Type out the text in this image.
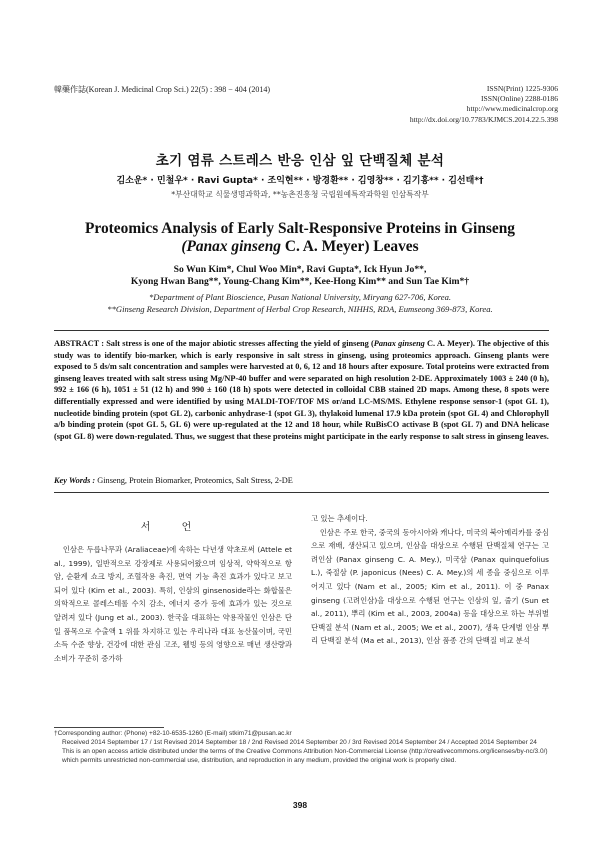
韓藥作誌(Korean J. Medicinal Crop Sci.) 22(5) : 398 − 404 (2014)	ISSN(Print) 1225-9306
ISSN(Online) 2288-0186
http://www.medicinalcrop.org
http://dx.doi.org/10.7783/KJMCS.2014.22.5.398
초기 염류 스트레스 반응 인삼 잎 단백질체 분석
김소운* · 민철우* · Ravi Gupta* · 조익현** · 방경환** · 김영창** · 김기홍** · 김선태*†
*부산대학교 식물생명과학과, **농촌진흥청 국립원예특작과학원 인삼특작부
Proteomics Analysis of Early Salt-Responsive Proteins in Ginseng
(Panax ginseng C. A. Meyer) Leaves
So Wun Kim*, Chul Woo Min*, Ravi Gupta*, Ick Hyun Jo**,
Kyong Hwan Bang**, Young-Chang Kim**, Kee-Hong Kim** and Sun Tae Kim*†
*Department of Plant Bioscience, Pusan National University, Miryang 627-706, Korea.
**Ginseng Research Division, Department of Herbal Crop Research, NIHHS, RDA, Eumseong 369-873, Korea.
ABSTRACT : Salt stress is one of the major abiotic stresses affecting the yield of ginseng (Panax ginseng C. A. Meyer). The objective of this study was to identify bio-marker, which is early responsive in salt stress in ginseng, using proteomics approach. Ginseng plants were exposed to 5 ds/m salt concentration and samples were harvested at 0, 6, 12 and 18 hours after exposure. Total proteins were extracted from ginseng leaves treated with salt stress using Mg/NP-40 buffer and were separated on high resolution 2-DE. Approximately 1003 ± 240 (0 h), 992 ± 166 (6 h), 1051 ± 51 (12 h) and 990 ± 160 (18 h) spots were detected in colloidal CBB stained 2D maps. Among these, 8 spots were differentially expressed and were identified by using MALDI-TOF/TOF MS or/and LC-MS/MS. Ethylene response sensor-1 (spot GL 1), nucleotide binding protein (spot GL 2), carbonic anhydrase-1 (spot GL 3), thylakoid lumenal 17.9 kDa protein (spot GL 4) and Chlorophyll a/b binding protein (spot GL 5, GL 6) were up-regulated at the 12 and 18 hour, while RuBisCO activase B (spot GL 7) and DNA helicase (spot GL 8) were down-regulated. Thus, we suggest that these proteins might participate in the early response to salt stress in ginseng leaves.
Key Words : Ginseng, Protein Biomarker, Proteomics, Salt Stress, 2-DE
서 언

인삼은 두릅나무과 (Araliaceae)에 속하는 다년생 약초로써 (Attele et al., 1999), 일반적으로 강장제로 사용되어왔으며 임상적, 약학적으로 항암, 순환계 쇼크 방지, 조혈작용 촉진, 면역 기능 촉진 효과가 있다고 보고되어 있다 (Kim et al., 2003). 특히, 인삼의 ginsenoside라는 화합물은 의학적으로 콜레스테롤 수치 감소, 에너지 증가 등에 효과가 있는 것으로 알려져 있다 (Jung et al., 2003). 한국을 대표하는 약용작물인 인삼은 단일 품목으로 수출액 1 위를 차지하고 있는 우리나라 대표 농산물이며, 국민 소득 수준 향상, 건강에 대한 관심 고조, 웰빙 등의 영향으로 매년 생산량과 소비가 꾸준히 증가하

고 있는 추세이다.

인삼은 주로 한국, 중국의 동아시아와 캐나다, 미국의 북아메리카를 중심으로 재배, 생산되고 있으며, 인삼을 대상으로 수행된 단백질체 연구는 고려인삼 (Panax ginseng C. A. Mey.), 미국삼 (Panax quinquefolius L.), 죽절삼 (P. japonicus (Nees) C. A. Mey.)의 세 종을 중심으로 이루어지고 있다 (Nam et al., 2005; Kim et al., 2011). 이 중 Panax ginseng (고려인삼)을 대상으로 수행된 연구는 인삼의 잎, 줄기 (Sun et al., 2011), 뿌리 (Kim et al., 2003, 2004a) 등을 대상으로 하는 부위별 단백질 분석 (Nam et al., 2005; We et al., 2007), 생육 단계별 인삼 뿌리 단백질 분석 (Ma et al., 2013), 인삼 품종 간의 단백질 비교 분석

†Corresponding author: (Phone) +82-10-6535-1260 (E-mail) stkim71@pusan.ac.kr
Received 2014 September 17 / 1st Revised 2014 September 18 / 2nd Revised 2014 September 20 / 3rd Revised 2014 September 24 / Accepted 2014 September 24
This is an open access article distributed under the terms of the Creative Commons Attribution Non-Commercial License (http://creativecommons.org/licenses/by-nc/3.0/) which permits unrestricted non-commercial use, distribution, and reproduction in any medium, provided the original work is properly cited.
398
